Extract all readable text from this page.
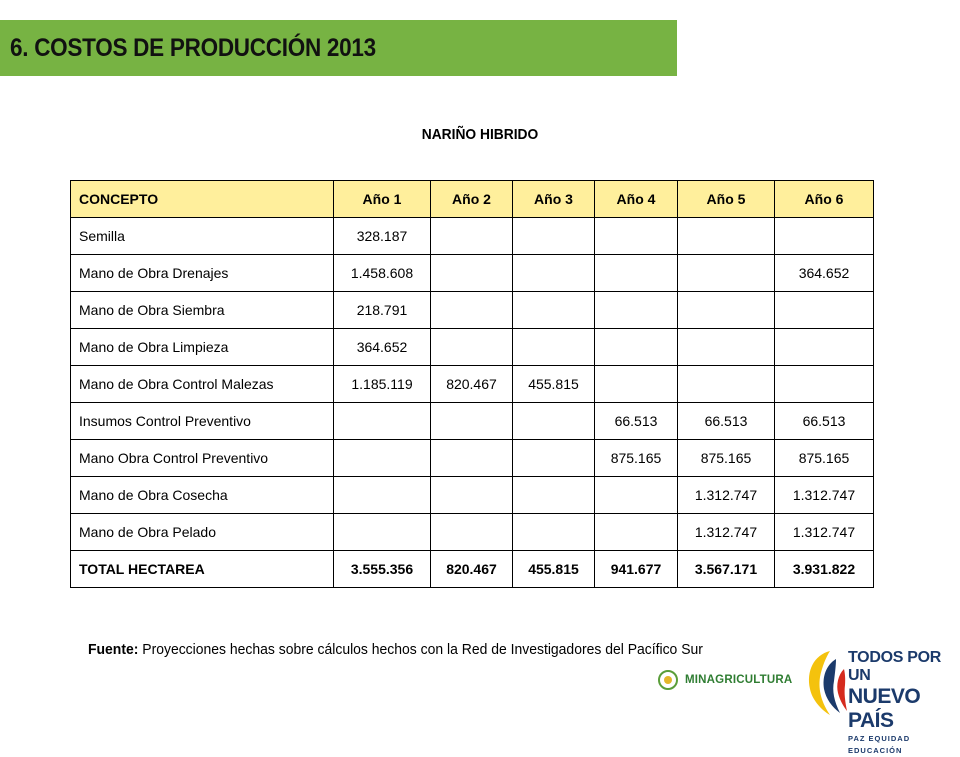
6. COSTOS DE PRODUCCIÓN 2013
NARIÑO HIBRIDO
CONCEPTO	Año 1	Año 2	Año 3	Año 4	Año 5	Año 6
Semilla	328.187					
Mano de Obra Drenajes	1.458.608					364.652
Mano de Obra Siembra	218.791					
Mano de Obra Limpieza	364.652					
Mano de Obra Control Malezas	1.185.119	820.467	455.815			
Insumos Control Preventivo				66.513	66.513	66.513
Mano Obra Control Preventivo				875.165	875.165	875.165
Mano de Obra Cosecha					1.312.747	1.312.747
Mano de Obra Pelado					1.312.747	1.312.747
TOTAL HECTAREA	3.555.356	820.467	455.815	941.677	3.567.171	3.931.822
Fuente: Proyecciones hechas sobre cálculos hechos con la Red de Investigadores del Pacífico Sur
MINAGRICULTURA
TODOS POR UN
NUEVO PAÍS
PAZ EQUIDAD EDUCACIÓN
